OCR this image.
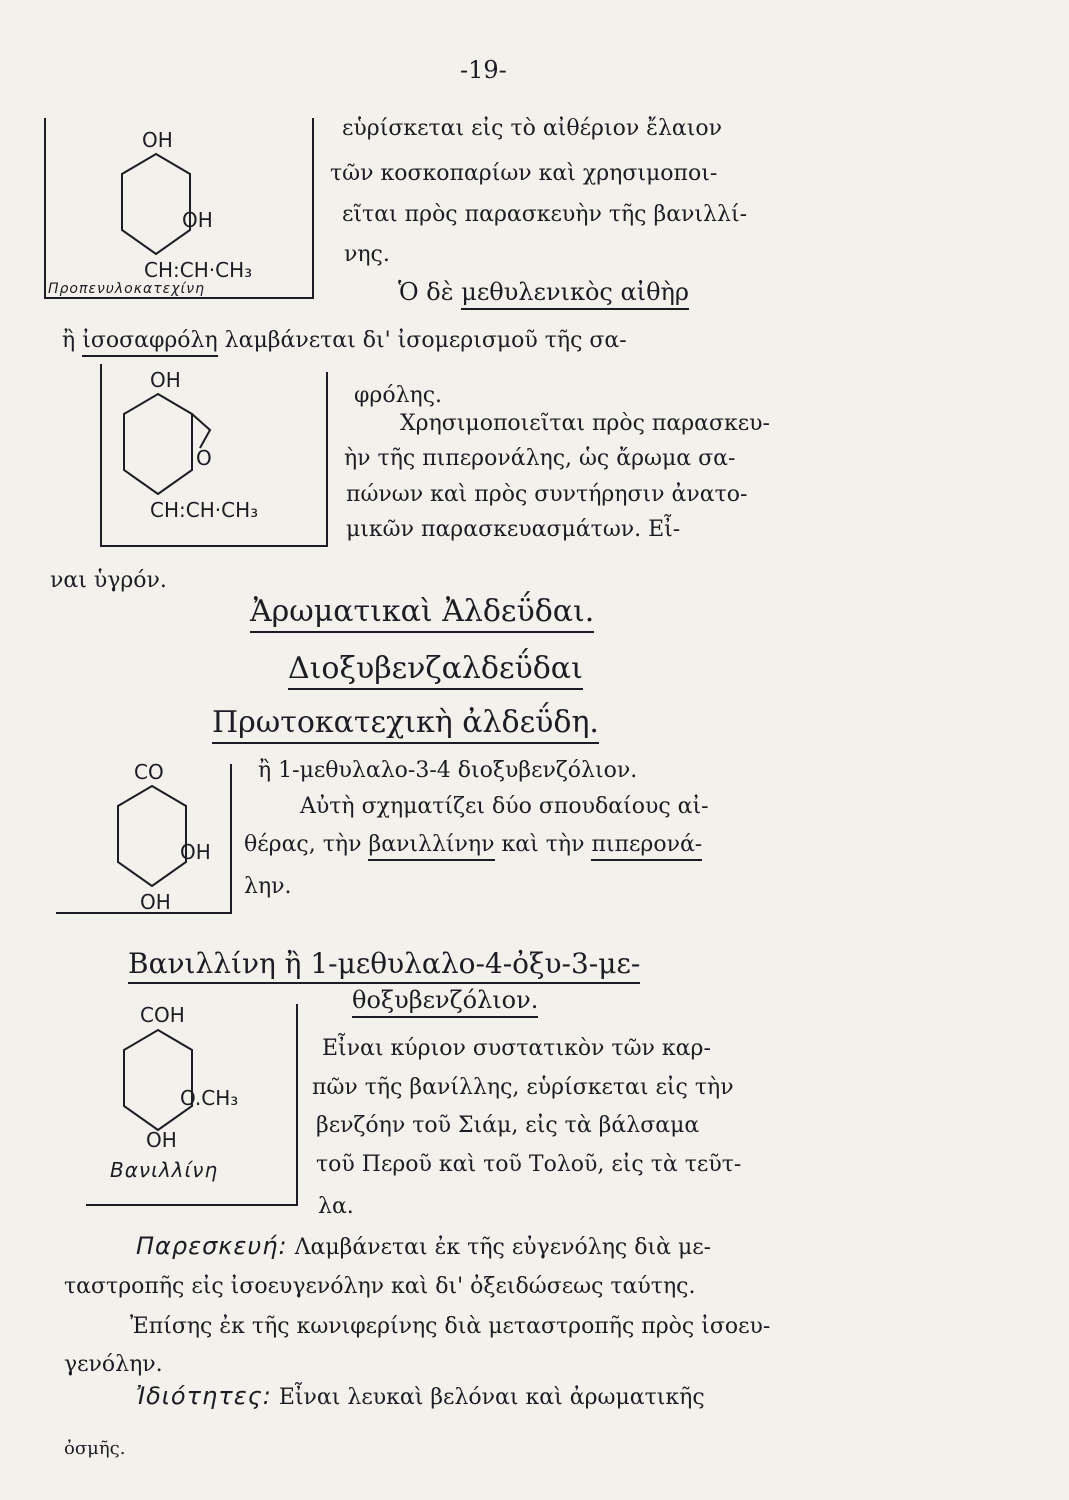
-19-
OH
OH
CH:CH·CH₃
Προπενυλοκατεχίνη
εὑρίσκεται εἰς τὸ αἰθέριον ἔλαιον
τῶν κοσκοπαρίων καὶ χρησιμοποι-
εῖται πρὸς παρασκευὴν τῆς βανιλλί-
νης.
Ὁ δὲ μεθυλενικὸς αἰθὴρ
ἢ ἰσοσαφρόλη λαμβάνεται δι' ἰσομερισμοῦ τῆς σα-
OH
O
CH:CH·CH₃
φρόλης.
Χρησιμοποιεῖται πρὸς παρασκευ-
ὴν τῆς πιπερονάλης, ὡς ἄρωμα σα-
πώνων καὶ πρὸς συντήρησιν ἀνατο-
μικῶν παρασκευασμάτων. Εἶ-
ναι ὑγρόν.
Ἀρωματικαὶ Ἀλδεΰδαι.
Διοξυβενζαλδεΰδαι
Πρωτοκατεχικὴ ἀλδεΰδη.
CO
OH
OH
ἢ 1-μεθυλαλο-3-4 διοξυβενζόλιον.
Αὐτὴ σχηματίζει δύο σπουδαίους αἰ-
θέρας, τὴν βανιλλίνην καὶ τὴν πιπερονά-
λην.
Βανιλλίνη ἢ 1-μεθυλαλο-4-ὀξυ-3-με-
θοξυβενζόλιον.
COH
O.CH₃
OH
Βανιλλίνη
Εἶναι κύριον συστατικὸν τῶν καρ-
πῶν τῆς βανίλλης, εὑρίσκεται εἰς τὴν
βενζόην τοῦ Σιάμ, εἰς τὰ βάλσαμα
τοῦ Περοῦ καὶ τοῦ Τολοῦ, εἰς τὰ τεῦτ-
λα.
Παρεσκευή: Λαμβάνεται ἐκ τῆς εὐγενόλης διὰ με-
ταστροπῆς εἰς ἰσοευγενόλην καὶ δι' ὀξειδώσεως ταύτης.
Ἐπίσης ἐκ τῆς κωνιφερίνης διὰ μεταστροπῆς πρὸς ἰσοευ-
γενόλην.
Ἰδιότητες: Εἶναι λευκαὶ βελόναι καὶ ἀρωματικῆς
ὀσμῆς.
